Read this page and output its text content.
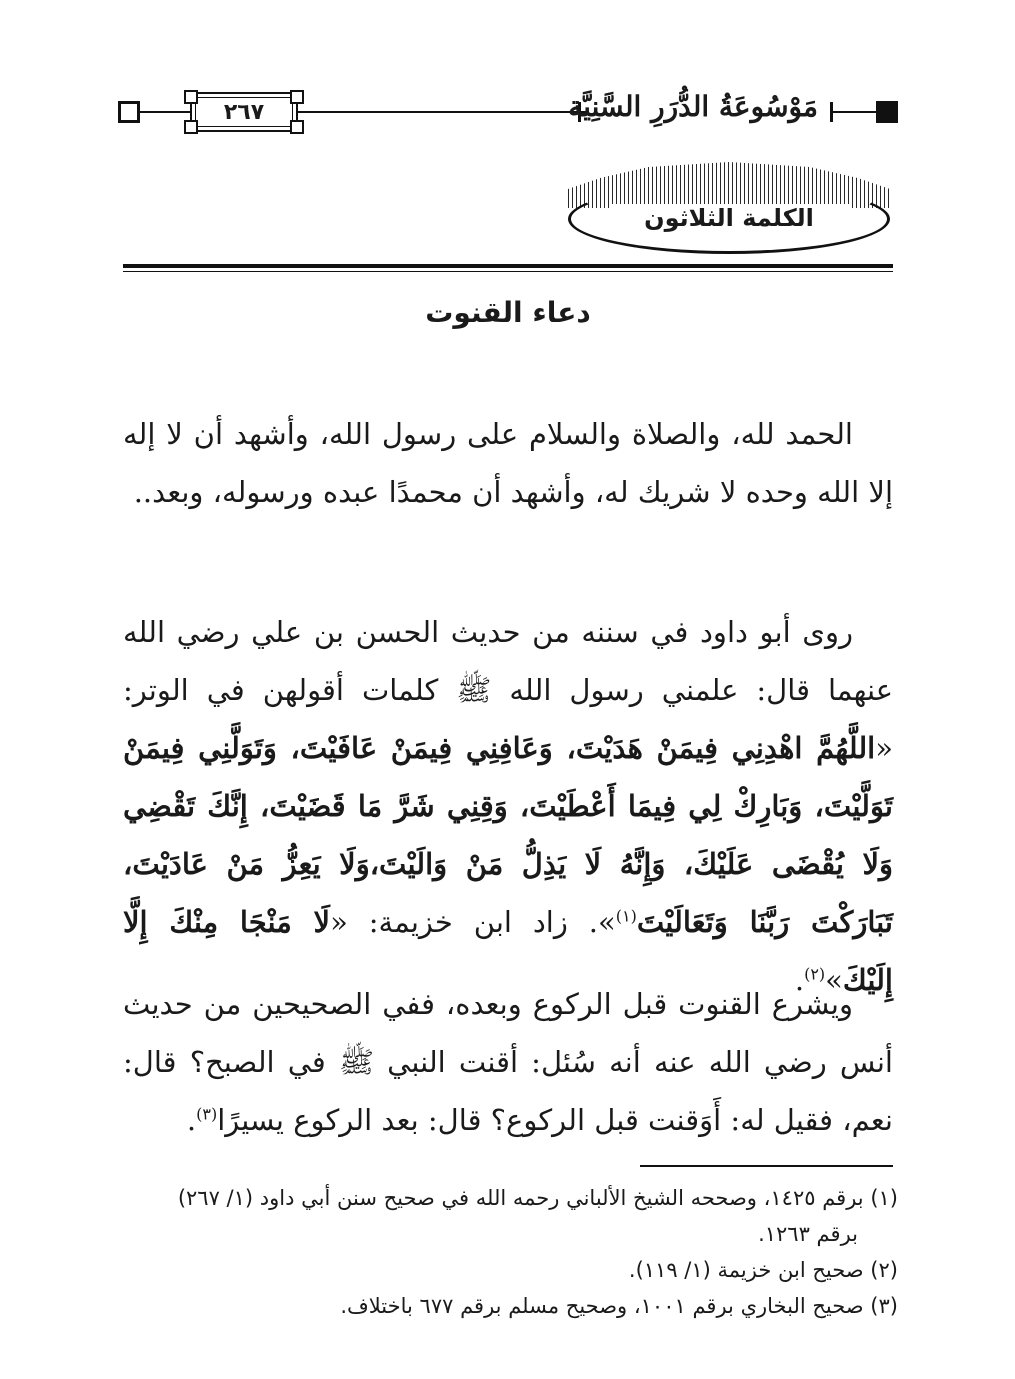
٢٦٧	مَوْسُوعَةُ الدُّرَرِ السَّنِيَّة
الكلمة الثلاثون
دعاء القنوت

الحمد لله، والصلاة والسلام على رسول الله، وأشهد أن لا إله إلا الله وحده لا شريك له، وأشهد أن محمدًا عبده ورسوله، وبعد..

روى أبو داود في سننه من حديث الحسن بن علي رضي الله عنهما قال: علمني رسول الله ﷺ كلمات أقولهن في الوتر: «اللَّهُمَّ اهْدِنِي فِيمَنْ هَدَيْتَ، وَعَافِنِي فِيمَنْ عَافَيْتَ، وَتَوَلَّنِي فِيمَنْ تَوَلَّيْتَ، وَبَارِكْ لِي فِيمَا أَعْطَيْتَ، وَقِنِي شَرَّ مَا قَضَيْتَ، إِنَّكَ تَقْضِي وَلَا يُقْضَى عَلَيْكَ، وَإِنَّهُ لَا يَذِلُّ مَنْ وَالَيْتَ،وَلَا يَعِزُّ مَنْ عَادَيْتَ، تَبَارَكْتَ رَبَّنَا وَتَعَالَيْتَ$^{(١)}$». زاد ابن خزيمة: «لَا مَنْجَا مِنْكَ إِلَّا إِلَيْكَ»$^{(٢)}$.

ويشرع القنوت قبل الركوع وبعده، ففي الصحيحين من حديث أنس رضي الله عنه أنه سُئل: أقنت النبي ﷺ في الصبح؟ قال: نعم، فقيل له: أَوَقنت قبل الركوع؟ قال: بعد الركوع يسيرًا$^{(٣)}$.

(١) برقم ١٤٢٥، وصححه الشيخ الألباني رحمه الله في صحيح سنن أبي داود (١/ ٢٦٧)

برقم ١٢٦٣.

(٢) صحيح ابن خزيمة (١/ ١١٩).

(٣) صحيح البخاري برقم ١٠٠١، وصحيح مسلم برقم ٦٧٧ باختلاف.
